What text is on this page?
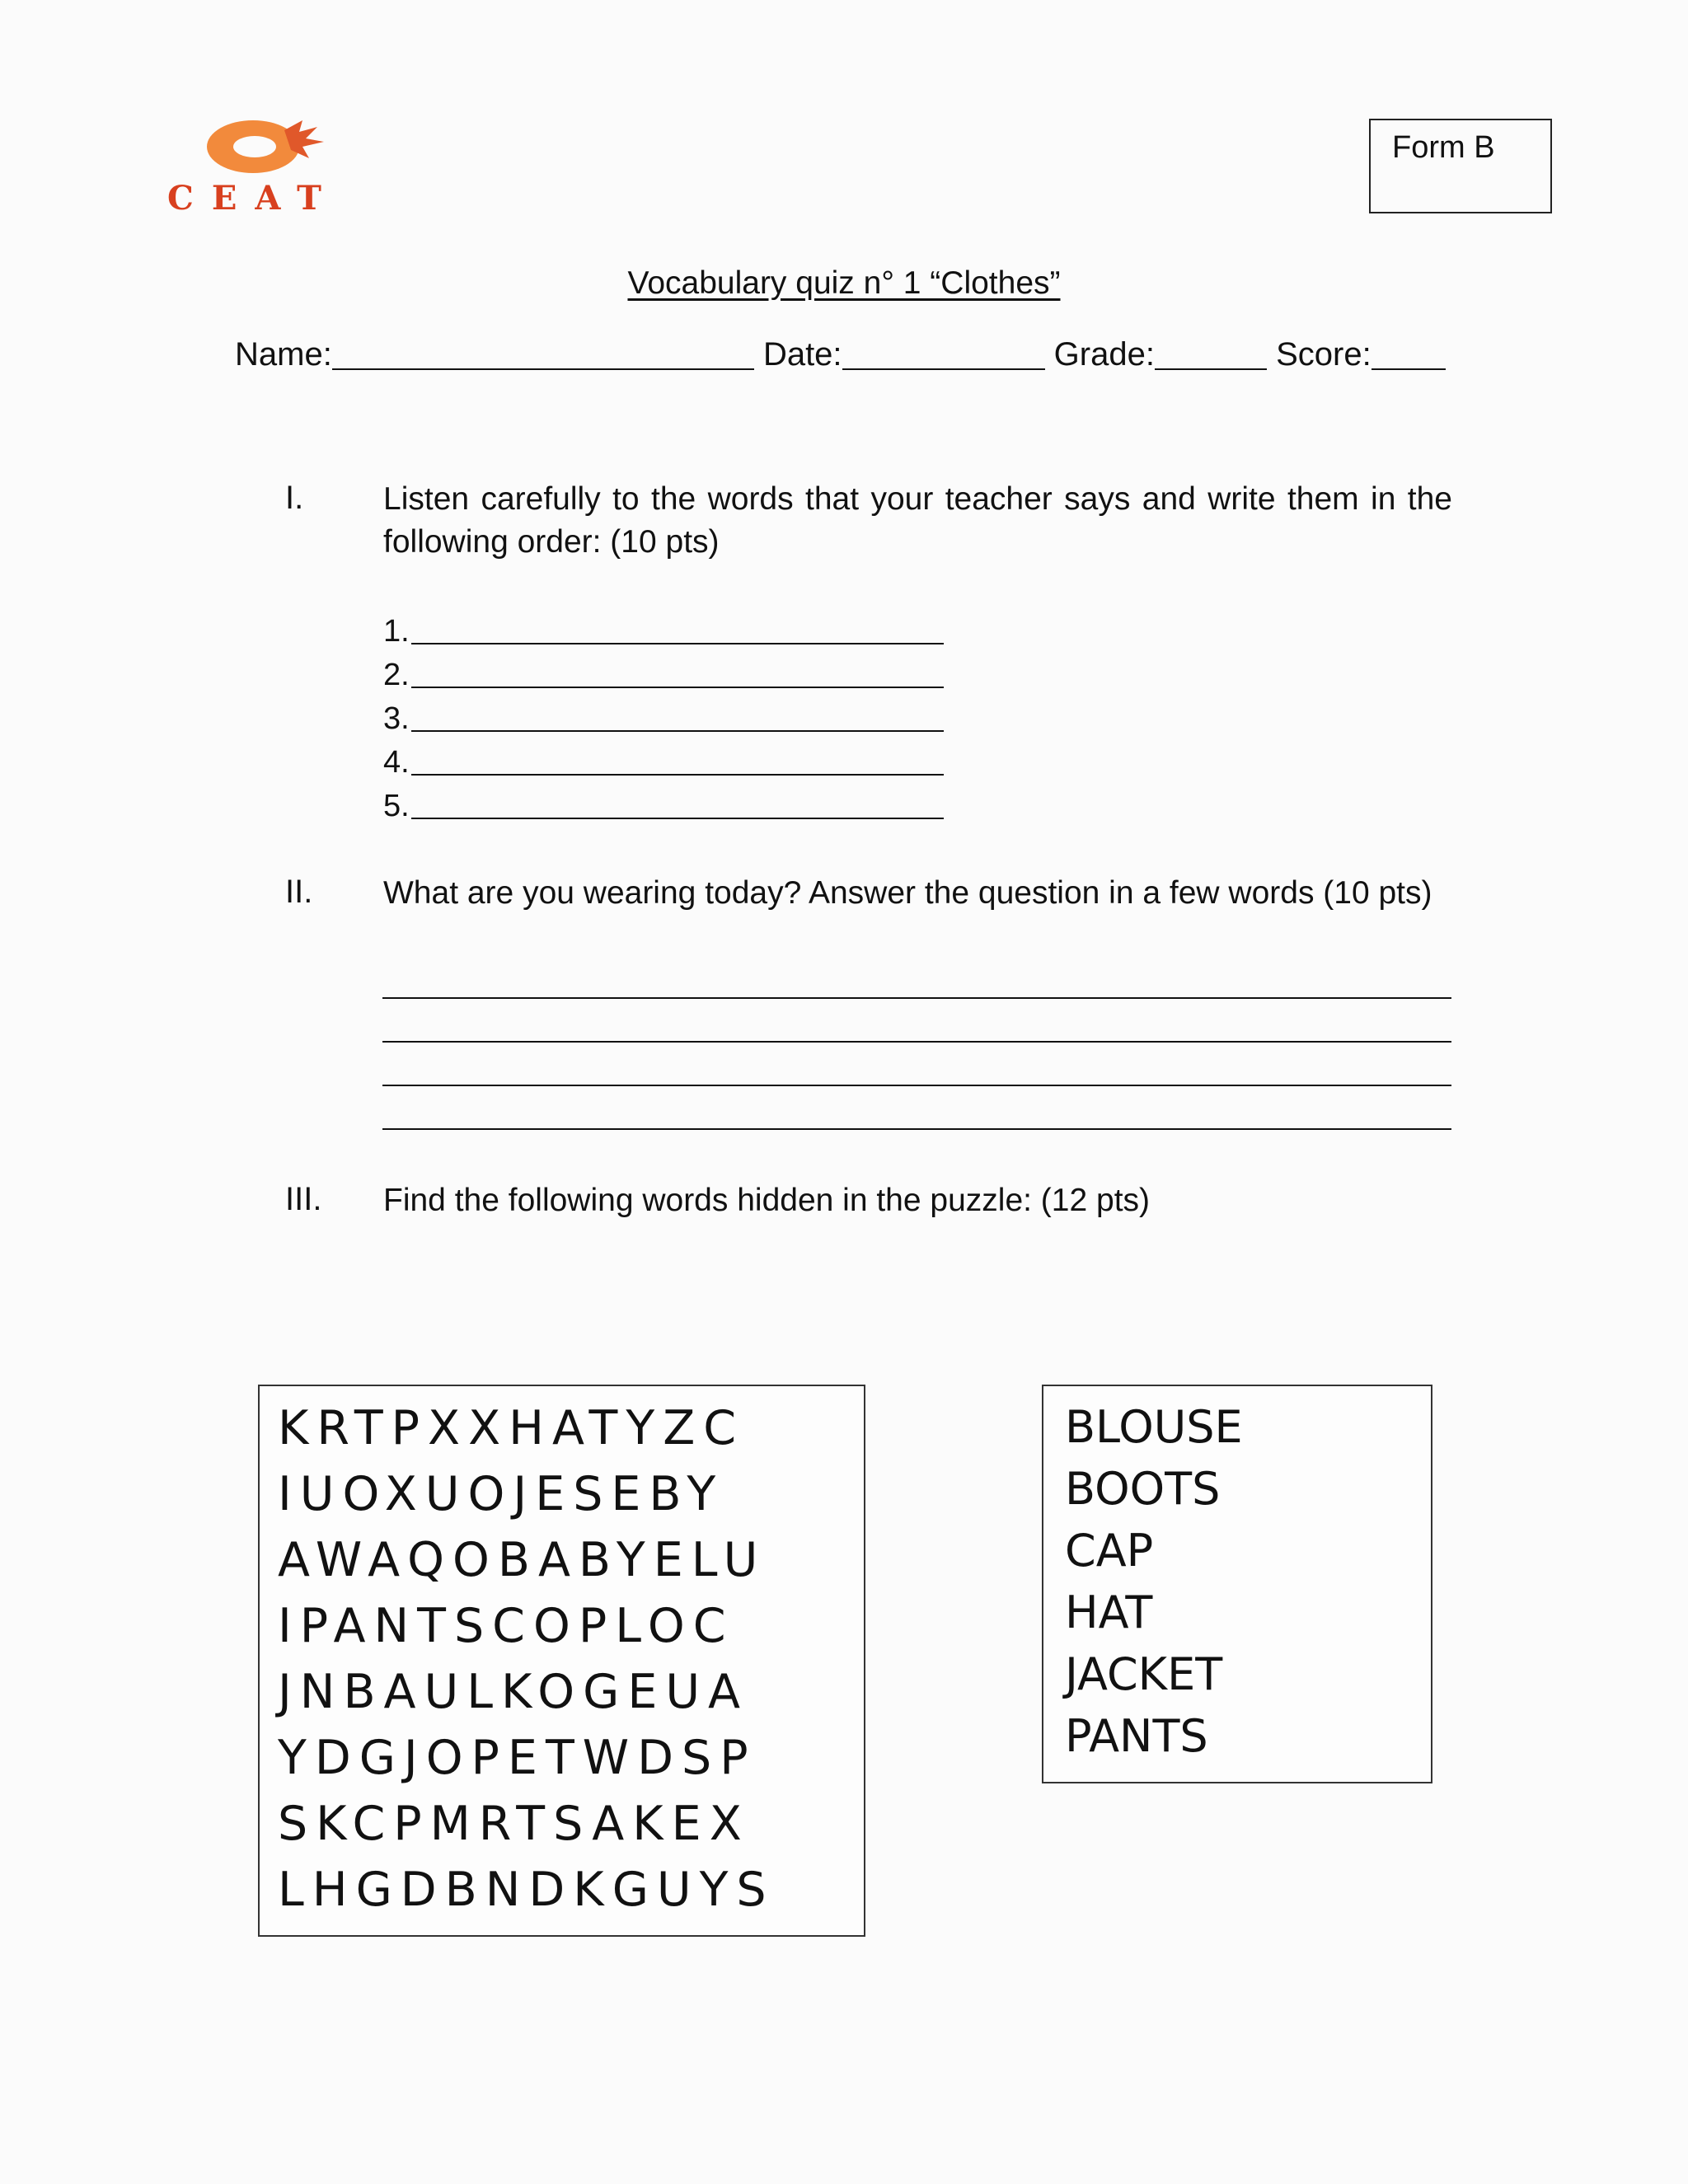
CEAT
Form B
Vocabulary quiz n° 1 “Clothes”
Name:	Date:	Grade:	Score:
I. Listen carefully to the words that your teacher says and write them in the following order: (10 pts)
1.
2.
3.
4.
5.
II. What are you wearing today? Answer the question in a few words (10 pts)
III. Find the following words hidden in the puzzle: (12 pts)
KRTPXXHATYZC
IUOXUOJESEBY
AWAQOBABYELU
IPANTSCOPLOC
JNBAULKOGEUA
YDGJOPETWDSP
SKCPMRTSAKEX
LHGDBNDKGUYS
BLOUSE
BOOTS
CAP
HAT
JACKET
PANTS
